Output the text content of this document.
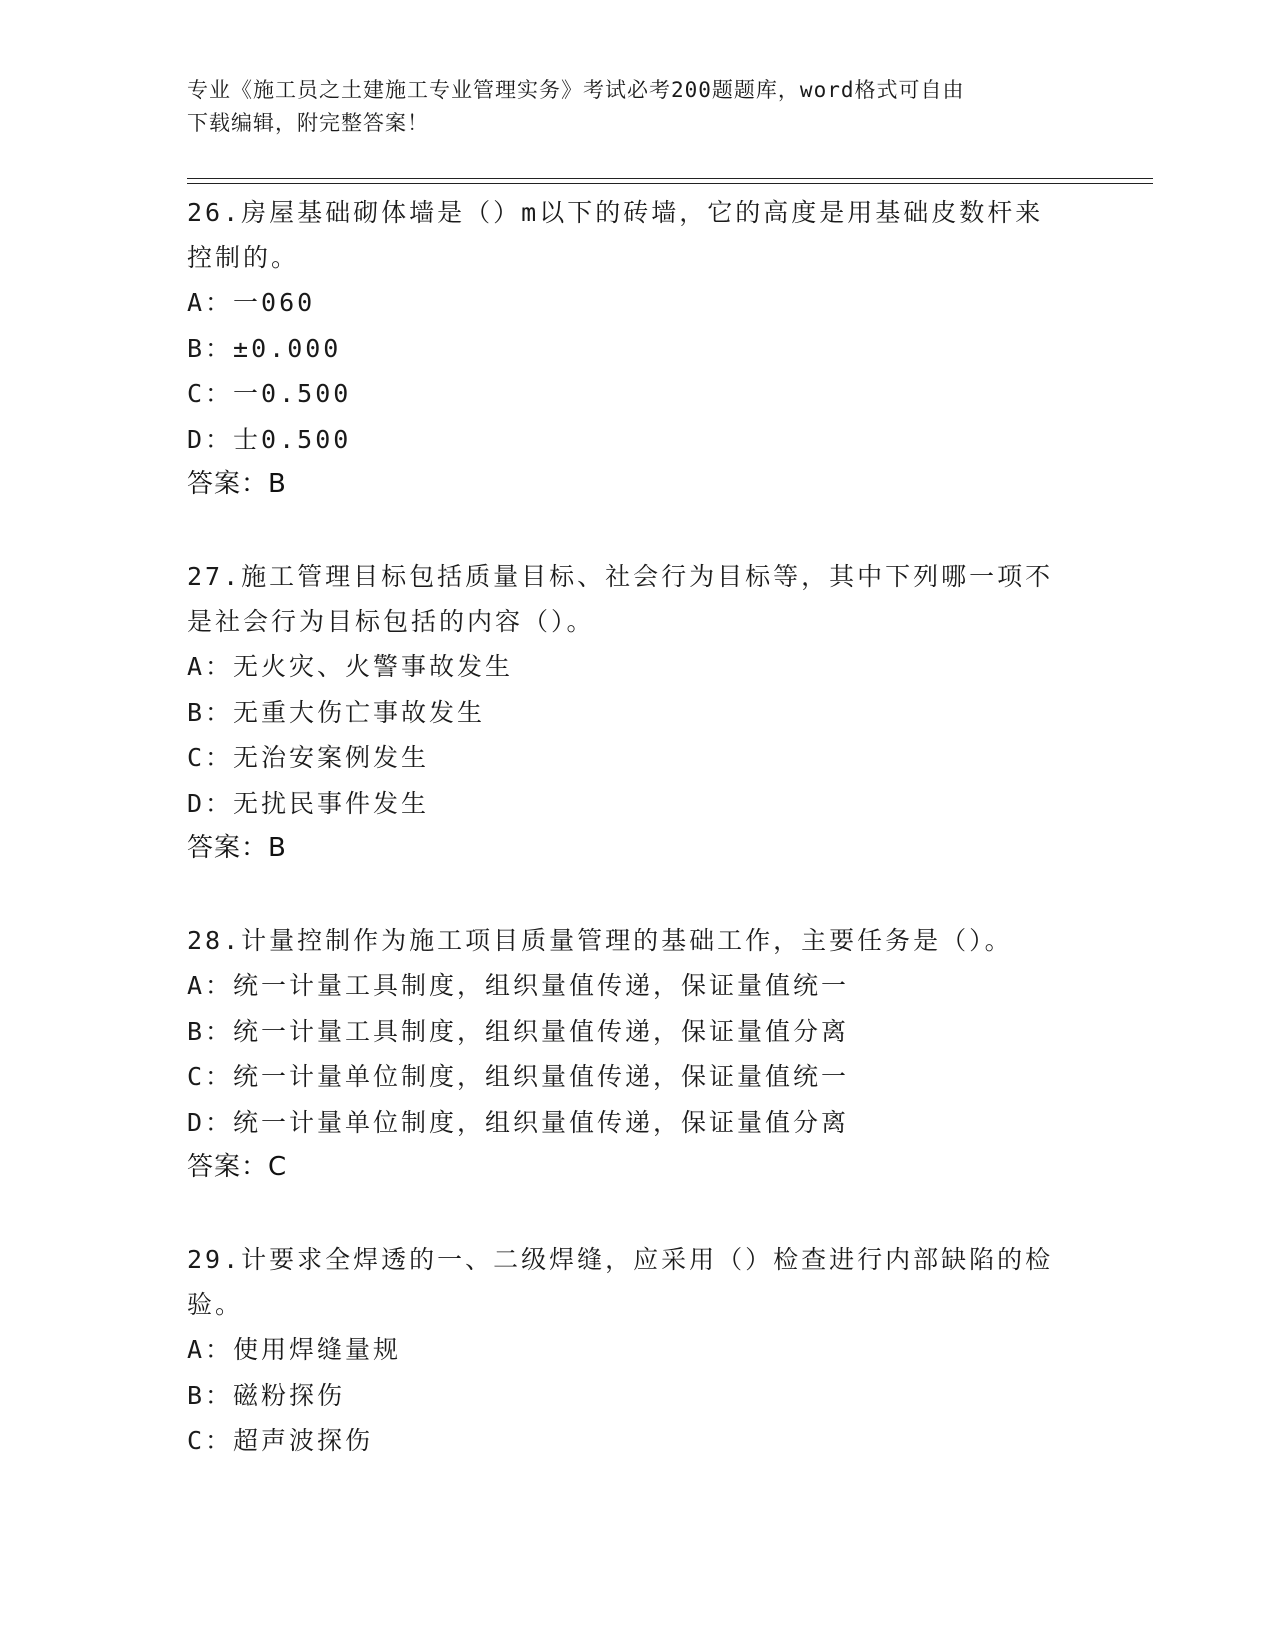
专业《施工员之土建施工专业管理实务》考试必考200题题库，word格式可自由
下载编辑，附完整答案！
26.房屋基础砌体墙是（）m以下的砖墙，它的高度是用基础皮数杆来
控制的。
A：一060
B：±0.000
C：一0.500
D：士0.500
答案：B
27.施工管理目标包括质量目标、社会行为目标等，其中下列哪一项不
是社会行为目标包括的内容（）。
A：无火灾、火警事故发生
B：无重大伤亡事故发生
C：无治安案例发生
D：无扰民事件发生
答案：B
28.计量控制作为施工项目质量管理的基础工作，主要任务是（）。
A：统一计量工具制度，组织量值传递，保证量值统一
B：统一计量工具制度，组织量值传递，保证量值分离
C：统一计量单位制度，组织量值传递，保证量值统一
D：统一计量单位制度，组织量值传递，保证量值分离
答案：C
29.计要求全焊透的一、二级焊缝，应采用（）检查进行内部缺陷的检
验。
A：使用焊缝量规
B：磁粉探伤
C：超声波探伤
